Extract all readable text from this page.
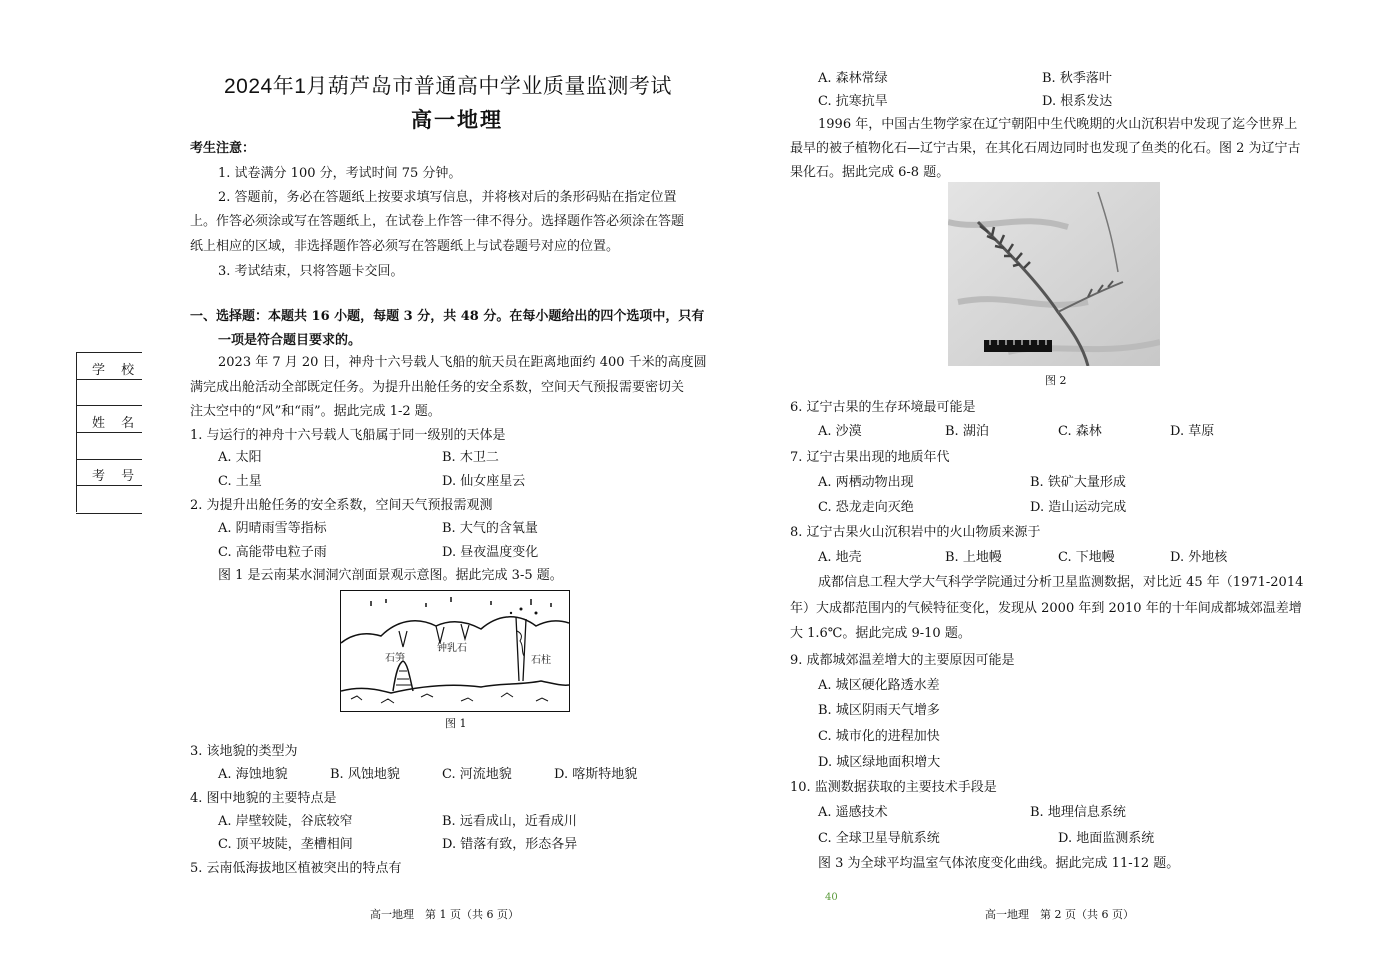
2024年1月葫芦岛市普通高中学业质量监测考试
高一地理
考生注意：
1. 试卷满分 100 分，考试时间 75 分钟。
2. 答题前，务必在答题纸上按要求填写信息，并将核对后的条形码贴在指定位置
上。作答必须涂或写在答题纸上，在试卷上作答一律不得分。选择题作答必须涂在答题
纸上相应的区域，非选择题作答必须写在答题纸上与试卷题号对应的位置。
3. 考试结束，只将答题卡交回。
一、选择题：本题共 16 小题，每题 3 分，共 48 分。在每小题给出的四个选项中，只有
一项是符合题目要求的。
2023 年 7 月 20 日，神舟十六号载人飞船的航天员在距离地面约 400 千米的高度圆
满完成出舱活动全部既定任务。为提升出舱任务的安全系数，空间天气预报需要密切关
注太空中的“风”和“雨”。据此完成 1-2 题。
学 校
姓 名
考 号
1. 与运行的神舟十六号载人飞船属于同一级别的天体是
A. 太阳	B. 木卫二
C. 土星	D. 仙女座星云
2. 为提升出舱任务的安全系数，空间天气预报需观测
A. 阴晴雨雪等指标	B. 大气的含氧量
C. 高能带电粒子雨	D. 昼夜温度变化
图 1 是云南某水洞洞穴剖面景观示意图。据此完成 3-5 题。
石笋
钟乳石
石柱
图 1
3. 该地貌的类型为
A. 海蚀地貌	B. 风蚀地貌	C. 河流地貌	D. 喀斯特地貌
4. 图中地貌的主要特点是
A. 岸壁较陡，谷底较窄	B. 远看成山，近看成川
C. 顶平坡陡，垄槽相间	D. 错落有致，形态各异
5. 云南低海拔地区植被突出的特点有
高一地理　第 1 页（共 6 页）
A. 森林常绿	B. 秋季落叶
C. 抗寒抗旱	D. 根系发达
1996 年，中国古生物学家在辽宁朝阳中生代晚期的火山沉积岩中发现了迄今世界上
最早的被子植物化石—辽宁古果，在其化石周边同时也发现了鱼类的化石。图 2 为辽宁古
果化石。据此完成 6-8 题。
图 2
6. 辽宁古果的生存环境最可能是
A. 沙漠	B. 湖泊	C. 森林	D. 草原
7. 辽宁古果出现的地质年代
A. 两栖动物出现	B. 铁矿大量形成
C. 恐龙走向灭绝	D. 造山运动完成
8. 辽宁古果火山沉积岩中的火山物质来源于
A. 地壳	B. 上地幔	C. 下地幔	D. 外地核
成都信息工程大学大气科学学院通过分析卫星监测数据，对比近 45 年（1971-2014
年）大成都范围内的气候特征变化，发现从 2000 年到 2010 年的十年间成都城郊温差增
大 1.6℃。据此完成 9-10 题。
9. 成都城郊温差增大的主要原因可能是
A. 城区硬化路透水差
B. 城区阴雨天气增多
C. 城市化的进程加快
D. 城区绿地面积增大
10. 监测数据获取的主要技术手段是
A. 遥感技术	B. 地理信息系统
C. 全球卫星导航系统	D. 地面监测系统
图 3 为全球平均温室气体浓度变化曲线。据此完成 11-12 题。
40
高一地理　第 2 页（共 6 页）
